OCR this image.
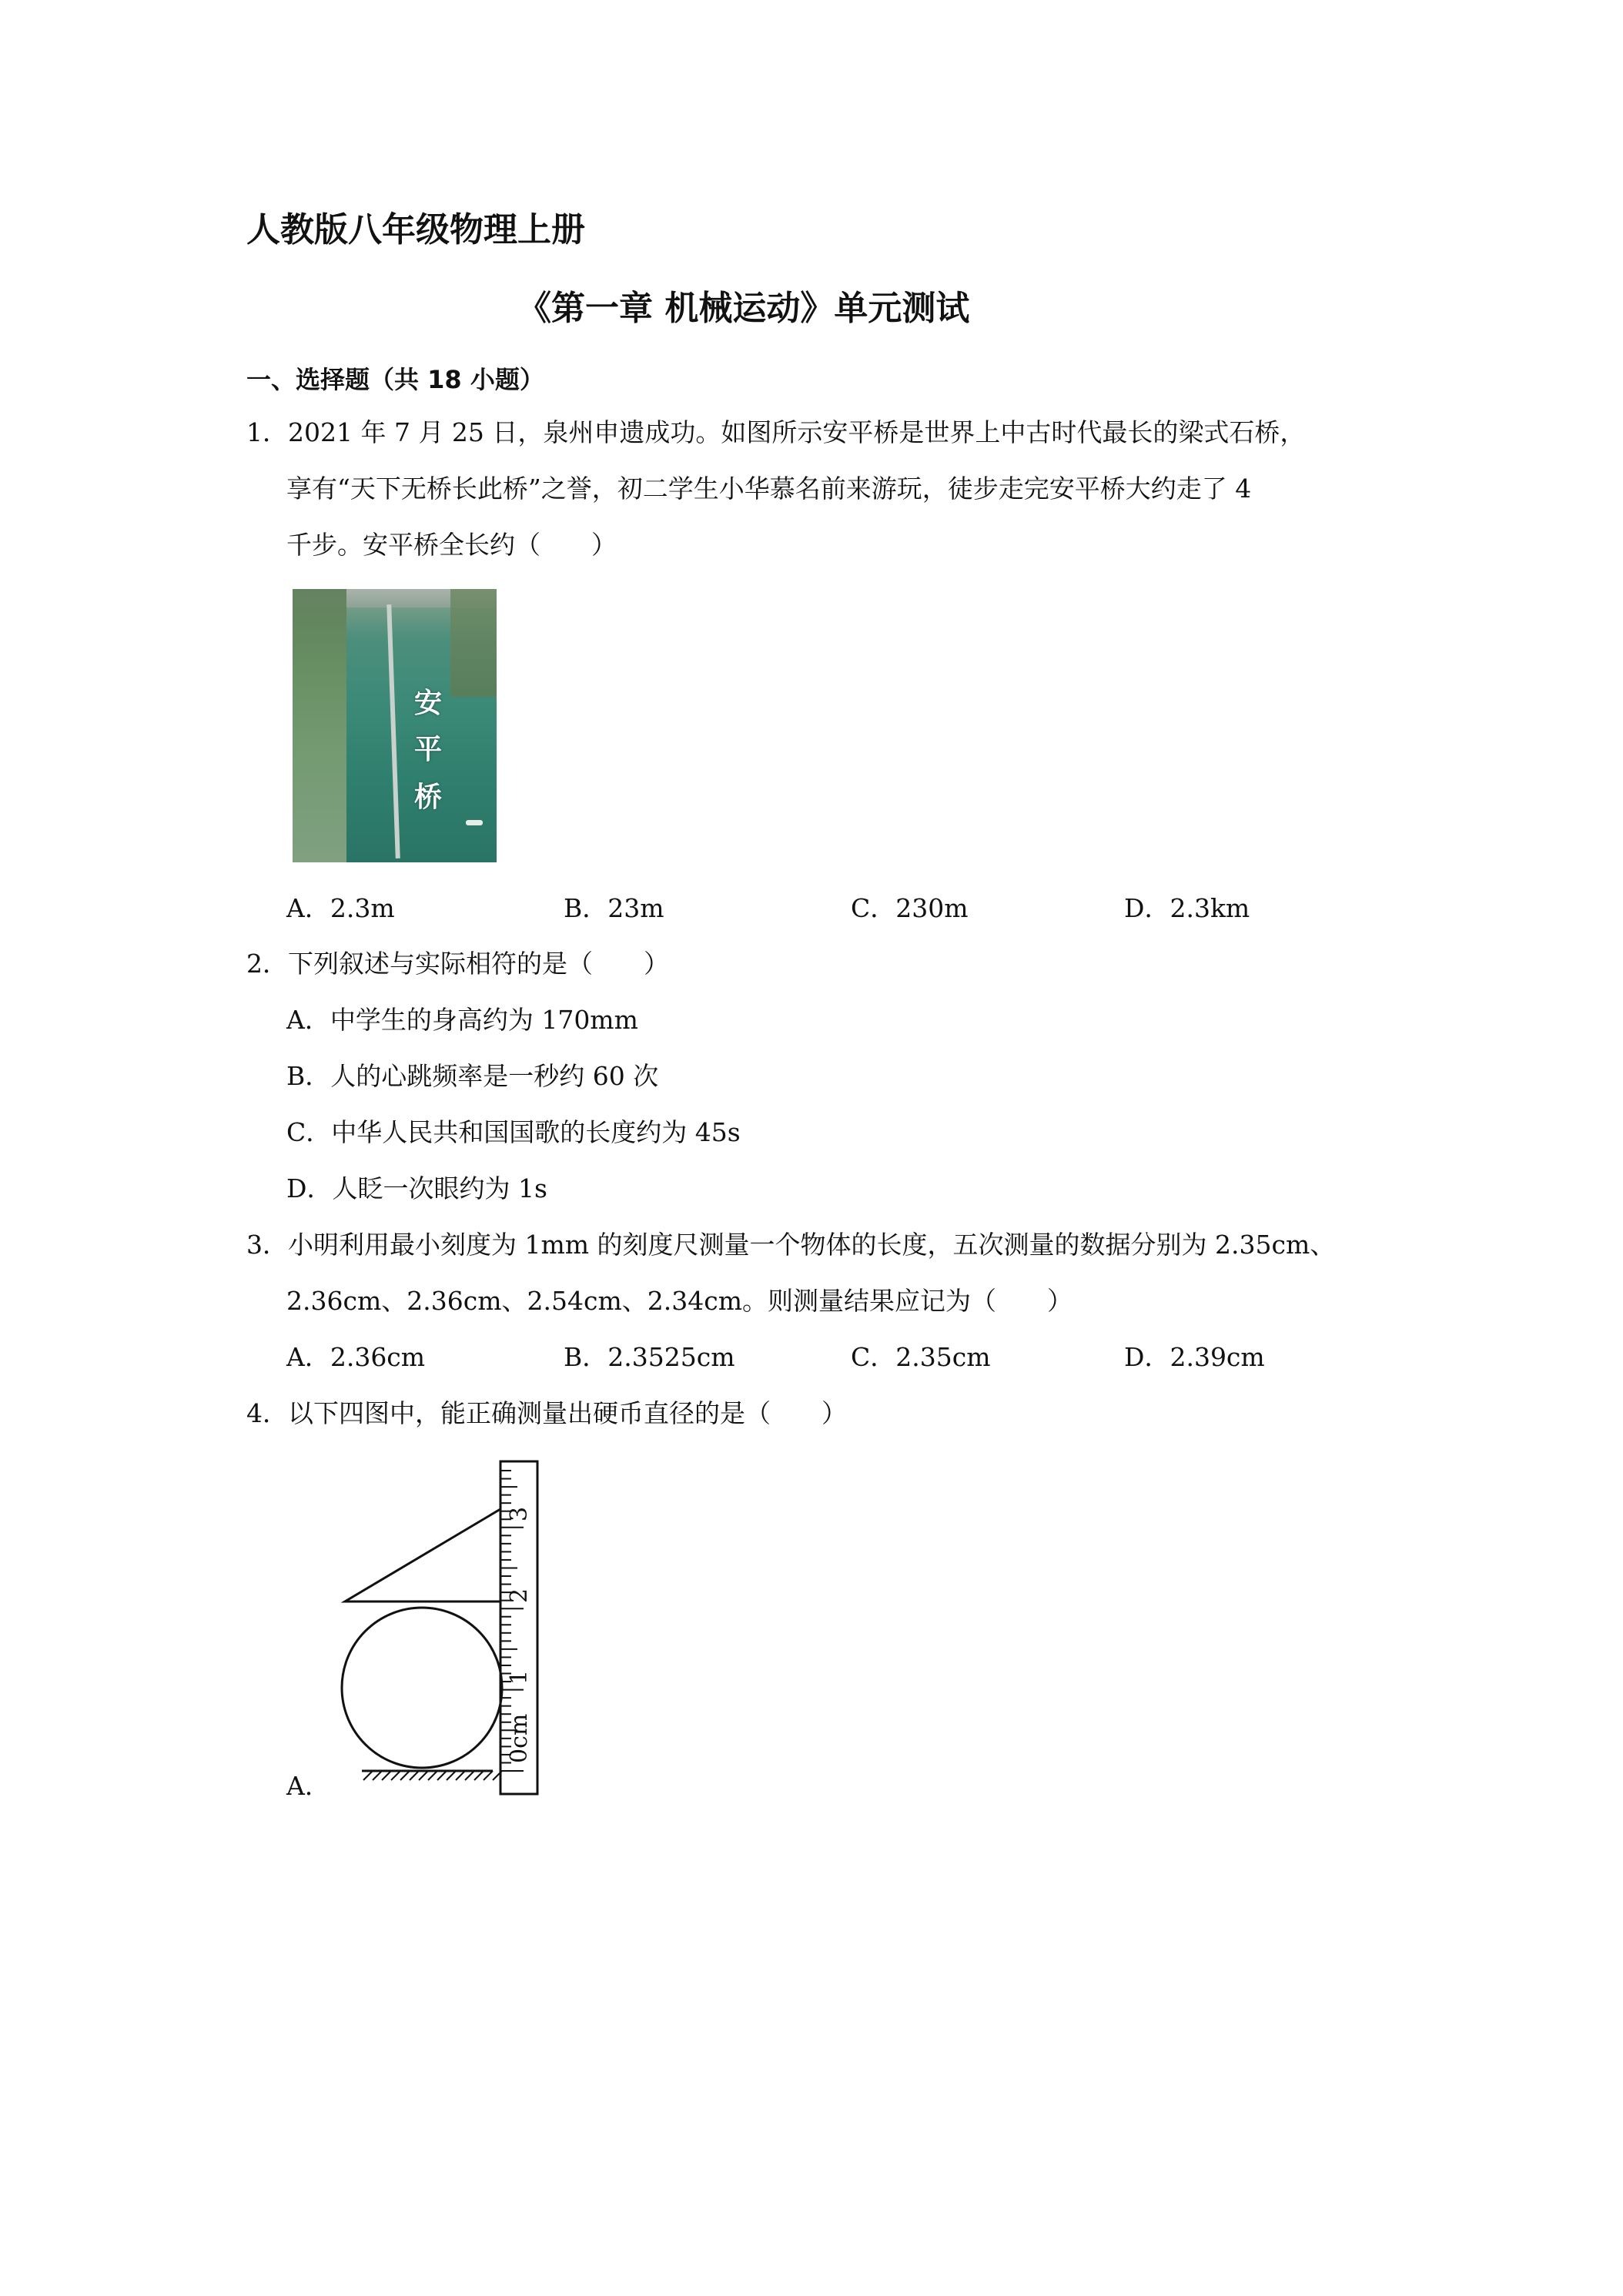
人教版八年级物理上册
《第一章 机械运动》单元测试
一、选择题（共 18 小题）
1．2021 年 7 月 25 日，泉州申遗成功。如图所示安平桥是世界上中古时代最长的梁式石桥，
享有“天下无桥长此桥”之誉，初二学生小华慕名前来游玩，徒步走完安平桥大约走了 4
千步。安平桥全长约（　　）
安
平
桥
A．2.3m	B．23m	C．230m	D．2.3km
2．下列叙述与实际相符的是（　　）
A．中学生的身高约为 170mm
B．人的心跳频率是一秒约 60 次
C．中华人民共和国国歌的长度约为 45s
D．人眨一次眼约为 1s
3．小明利用最小刻度为 1mm 的刻度尺测量一个物体的长度，五次测量的数据分别为 2.35cm、
2.36cm、2.36cm、2.54cm、2.34cm。则测量结果应记为（　　）
A．2.36cm	B．2.3525cm	C．2.35cm	D．2.39cm
4．以下四图中，能正确测量出硬币直径的是（　　）
0cm
1
2
3
A．
